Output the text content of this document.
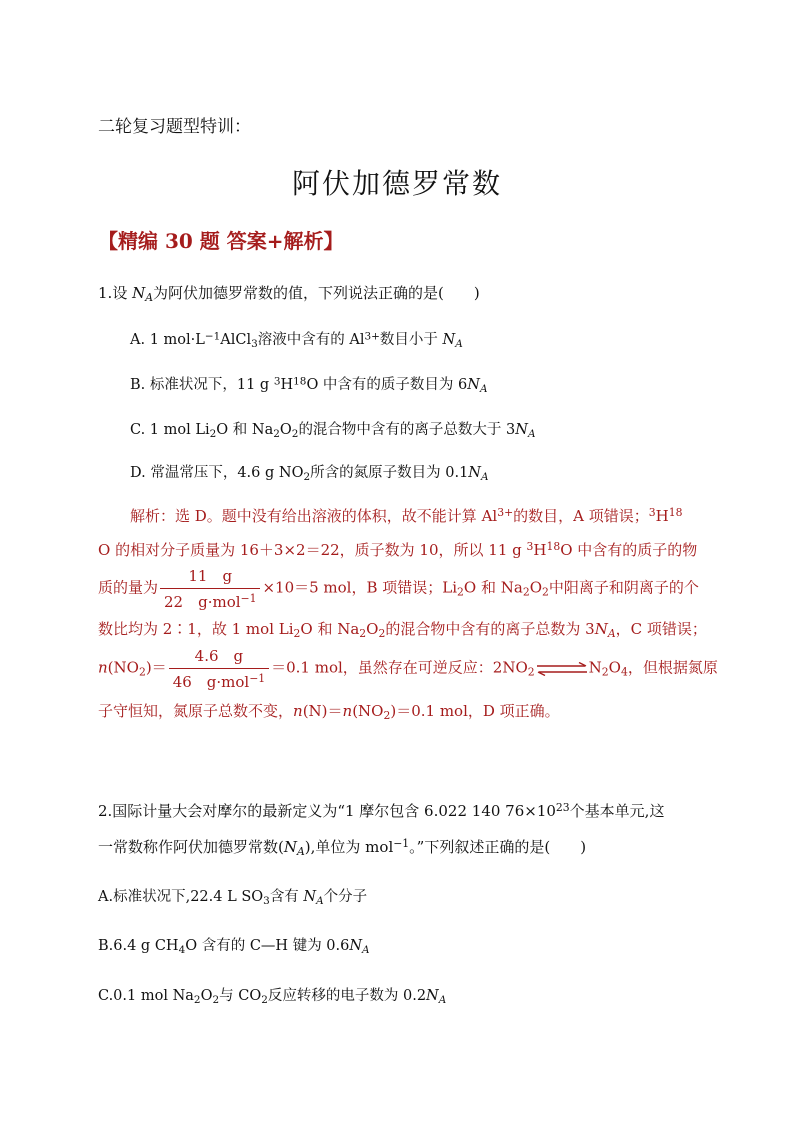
二轮复习题型特训：
阿伏加德罗常数
【精编 30 题 答案+解析】
1.设 $N_A$为阿伏加德罗常数的值，下列说法正确的是(　　)
A. 1 $mol\cdot L^{-1}AlCl_3$溶液中含有的 $Al^{3+}$数目小于 $N_A$
B. 标准状况下，11 g $^3H^{18}O$ 中含有的质子数目为 $6N_A$
C. 1 mol $Li_2O$ 和 $Na_2O_2$的混合物中含有的离子总数大于 $3N_A$
D. 常温常压下，4.6 g $NO_2$所含的氮原子数目为 $0.1N_A$
解析：选 D。题中没有给出溶液的体积，故不能计算 $Al^{3+}$的数目，A 项错误；$^3H^{18}$
O 的相对分子质量为 16＋3×2＝22，质子数为 10，所以 11 g $^3H^{18}O$ 中含有的质子的物
质的量为 $\frac{11 g}{22 g\cdot mol^{-1}} \times 10=5$ mol，B 项错误；$Li_2O$ 和 $Na_2O_2$中阳离子和阴离子的个
数比均为 2∶1，故 1 mol $Li_2O$ 和 $Na_2O_2$的混合物中含有的离子总数为 $3N_A$，C 项错误；
$n(NO_2)= \frac{4.6 g}{46 g\cdot mol^{-1}} =0.1$ mol，虽然存在可逆反应：$2NO_2\rightleftharpoons N_2O_4$，但根据氮原
子守恒知，氮原子总数不变，$n(N)=n(NO_2)=0.1$ mol，D 项正确。
2.国际计量大会对摩尔的最新定义为“1 摩尔包含 6.022 140 $76\times 10^{23}$个基本单元,这
一常数称作阿伏加德罗常数$(N_A)$,单位为 mol$^{-1}$。”下列叙述正确的是(　　)
A.标准状况下,22.4 L $SO_3$含有 $N_A$个分子
B.6.4 g $CH_4O$ 含有的 C—H 键为 $0.6N_A$
C.0.1 mol $Na_2O_2$与 $CO_2$反应转移的电子数为 $0.2N_A$
